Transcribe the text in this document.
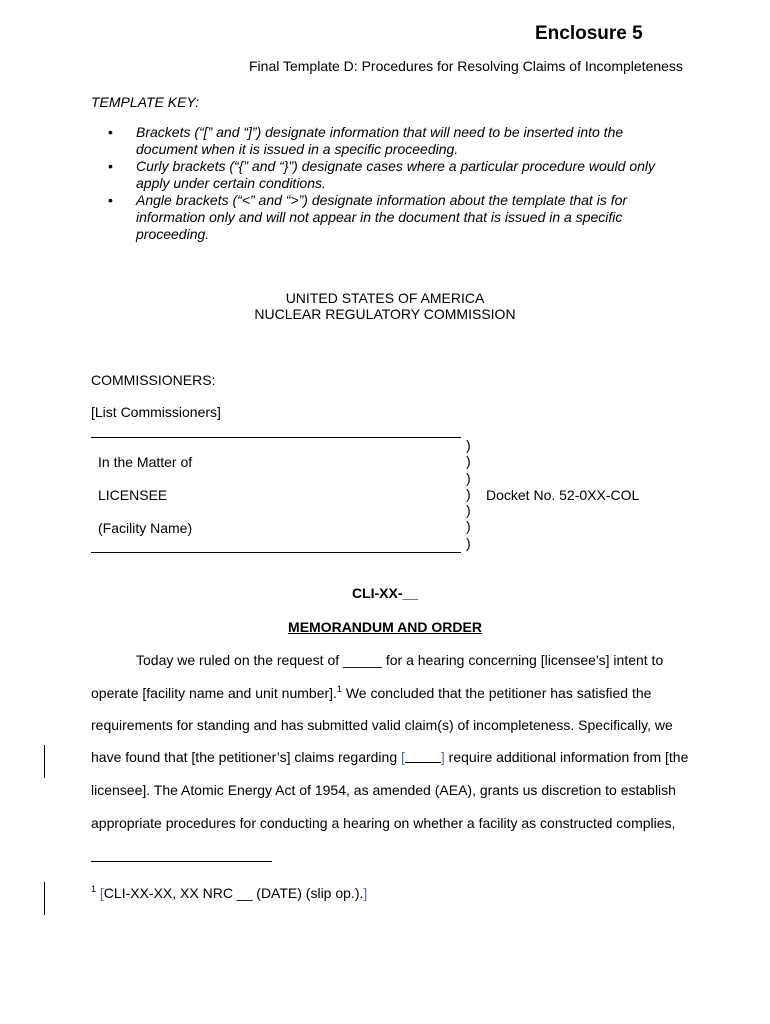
Enclosure 5
Final Template D: Procedures for Resolving Claims of Incompleteness
TEMPLATE KEY:
• Brackets (“[” and “]”) designate information that will need to be inserted into the
document when it is issued in a specific proceeding.
• Curly brackets (“{” and “}”) designate cases where a particular procedure would only
apply under certain conditions.
• Angle brackets (“<” and “>”) designate information about the template that is for
information only and will not appear in the document that is issued in a specific
proceeding.
UNITED STATES OF AMERICA
NUCLEAR REGULATORY COMMISSION
COMMISSIONERS:
[List Commissioners]
In the Matter of
LICENSEE
(Facility Name)
)
)
)
)
)
)
)
Docket No. 52-0XX-COL
CLI-XX-__
MEMORANDUM AND ORDER
Today we ruled on the request of _____ for a hearing concerning [licensee's] intent to
operate [facility name and unit number].$^1$ We concluded that the petitioner has satisfied the
requirements for standing and has submitted valid claim(s) of incompleteness. Specifically, we
have found that [the petitioner’s] claims regarding [	] require additional information from [the
licensee]. The Atomic Energy Act of 1954, as amended (AEA), grants us discretion to establish
appropriate procedures for conducting a hearing on whether a facility as constructed complies,
$^1$ [CLI-XX-XX, XX NRC __ (DATE) (slip op.).]
